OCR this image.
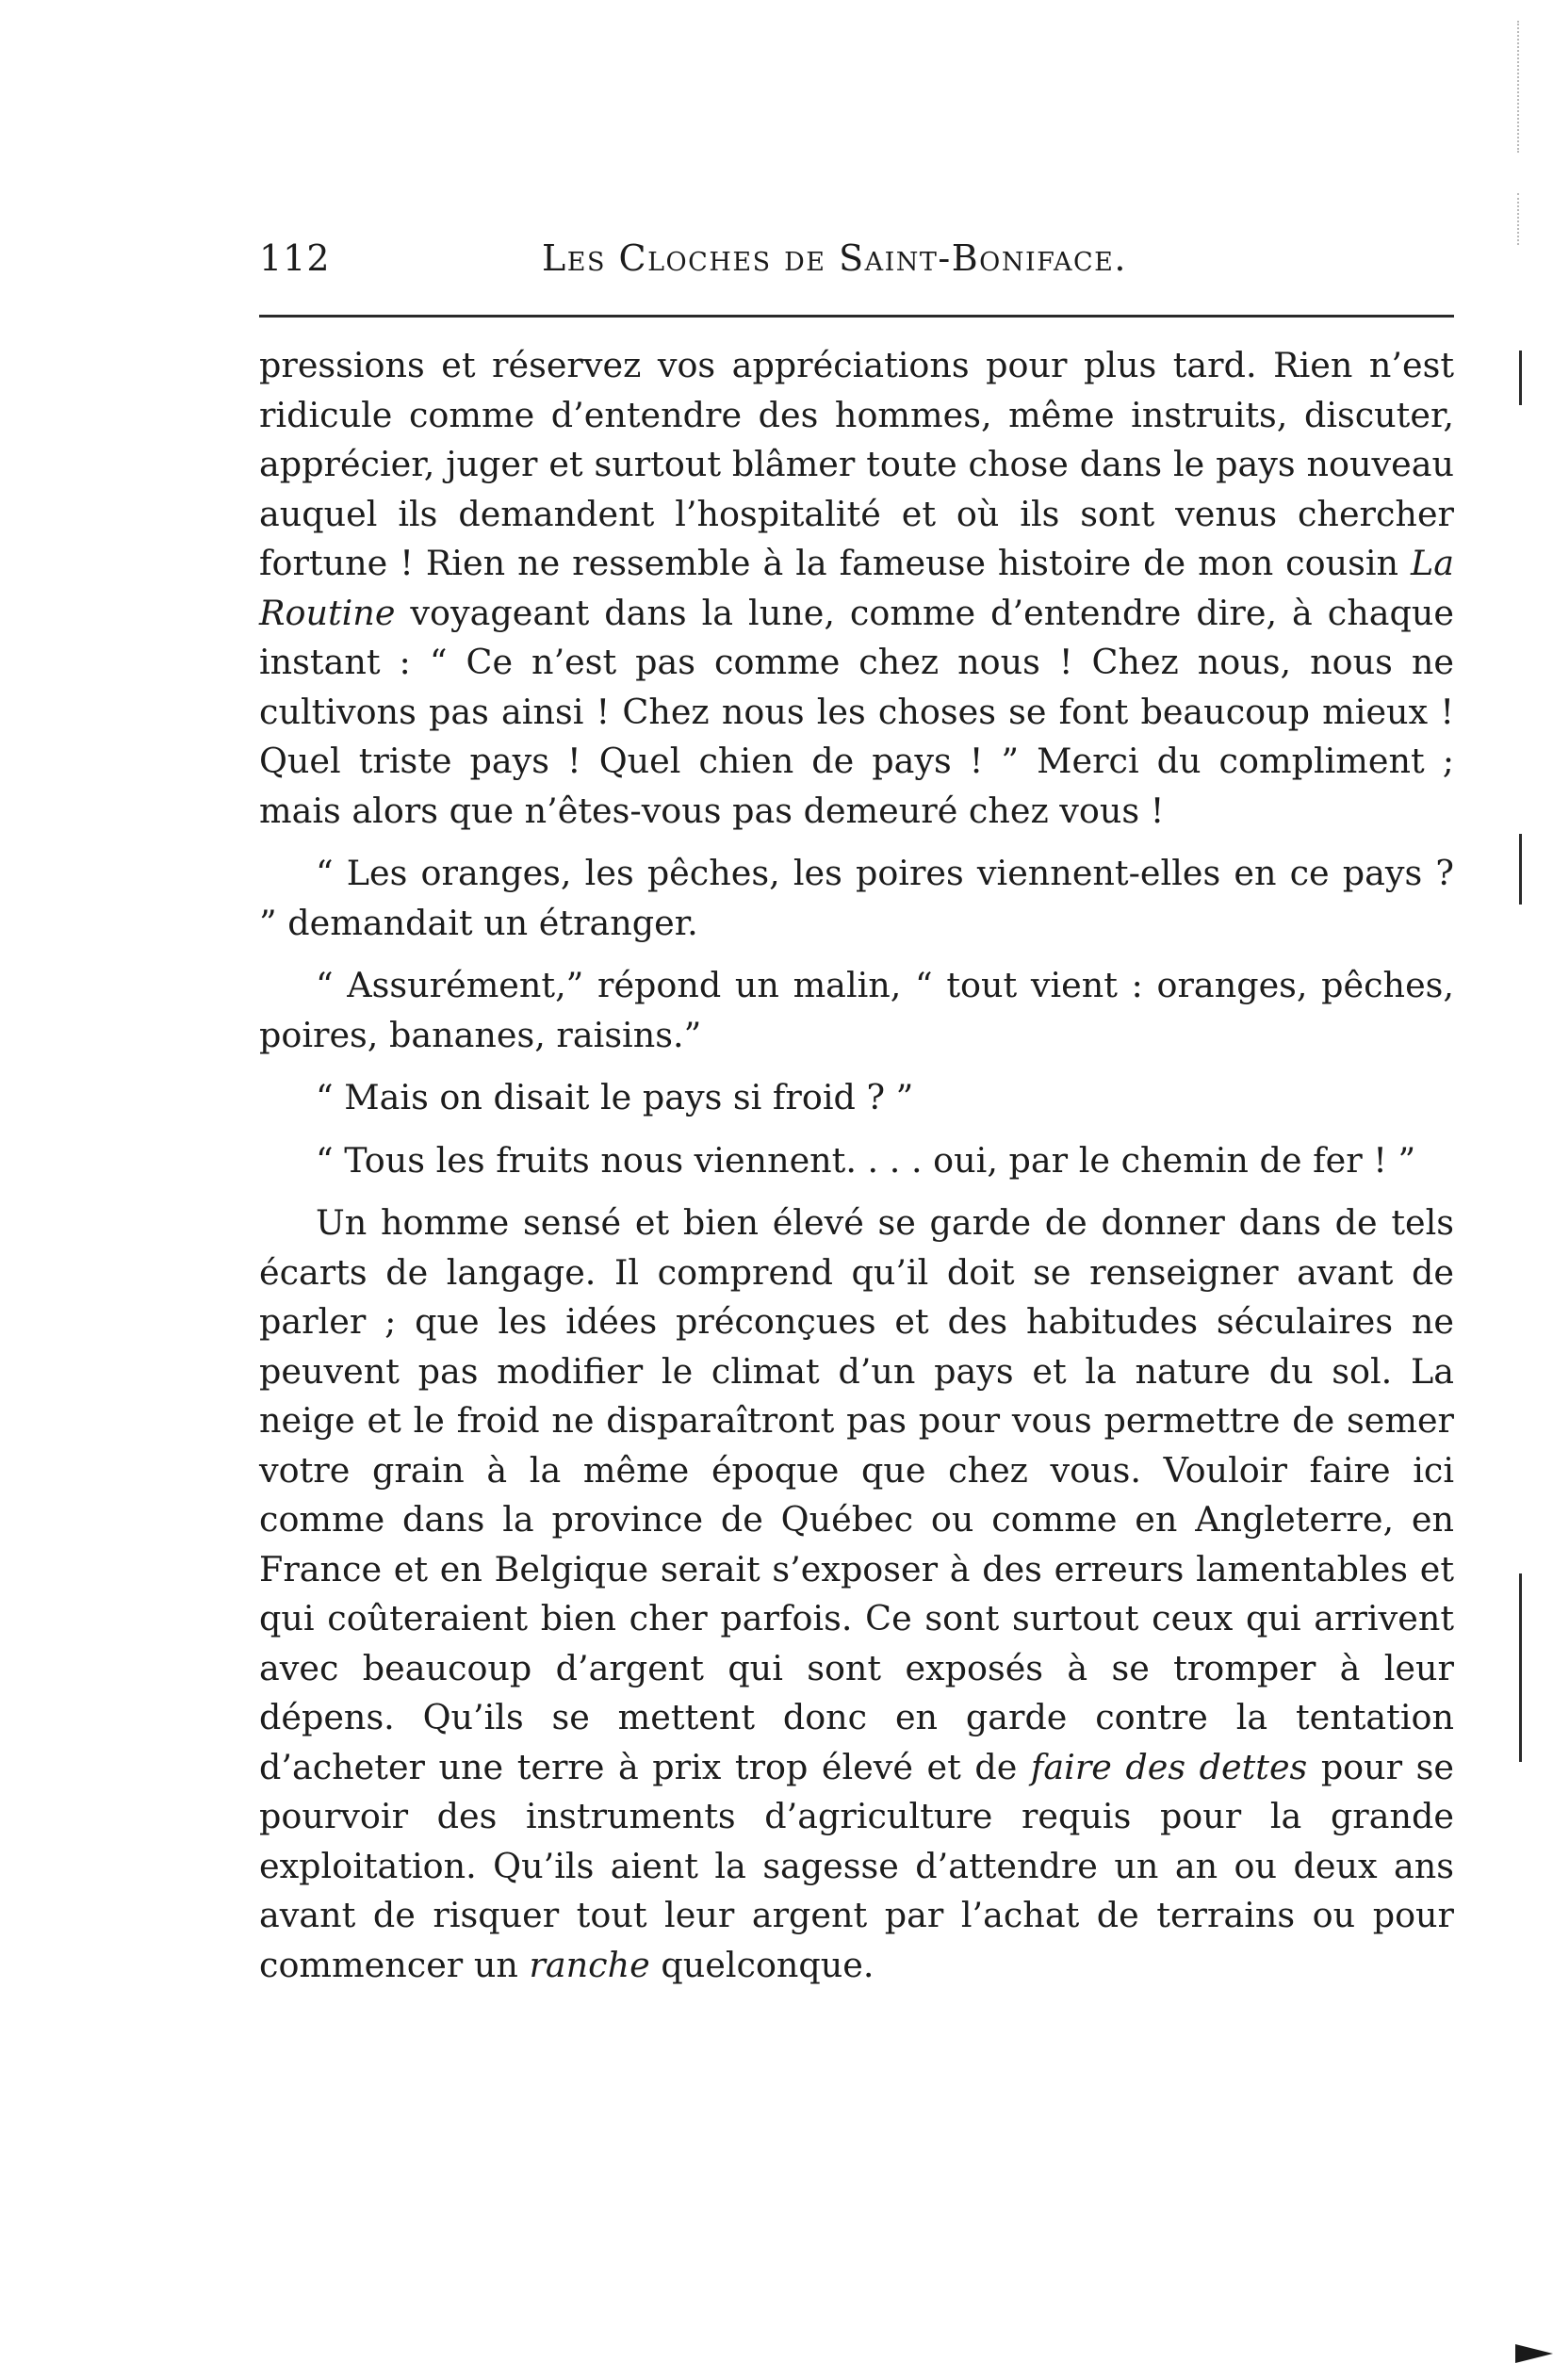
112	Les Cloches de Saint-Boniface.

pressions et réservez vos appréciations pour plus tard. Rien n’est ridicule comme d’entendre des hommes, même instruits, discuter, apprécier, juger et surtout blâmer toute chose dans le pays nouveau auquel ils demandent l’hospitalité et où ils sont venus chercher fortune ! Rien ne ressemble à la fameuse histoire de mon cousin La Routine voyageant dans la lune, comme d’entendre dire, à chaque instant : “ Ce n’est pas comme chez nous ! Chez nous, nous ne cultivons pas ainsi ! Chez nous les choses se font beaucoup mieux ! Quel triste pays ! Quel chien de pays ! ” Merci du compliment ; mais alors que n’êtes-vous pas demeuré chez vous !

“ Les oranges, les pêches, les poires viennent-elles en ce pays ? ” demandait un étranger.

“ Assurément,” répond un malin, “ tout vient : oranges, pêches, poires, bananes, raisins.”

“ Mais on disait le pays si froid ? ”

“ Tous les fruits nous viennent. . . . oui, par le chemin de fer ! ”

Un homme sensé et bien élevé se garde de donner dans de tels écarts de langage. Il comprend qu’il doit se renseigner avant de parler ; que les idées préconçues et des habitudes séculaires ne peuvent pas modifier le climat d’un pays et la nature du sol. La neige et le froid ne disparaîtront pas pour vous permettre de semer votre grain à la même époque que chez vous. Vouloir faire ici comme dans la province de Québec ou comme en Angleterre, en France et en Belgique serait s’exposer à des erreurs lamentables et qui coûteraient bien cher parfois. Ce sont surtout ceux qui arrivent avec beaucoup d’argent qui sont exposés à se tromper à leur dépens. Qu’ils se mettent donc en garde contre la tentation d’acheter une terre à prix trop élevé et de faire des dettes pour se pourvoir des instruments d’agriculture requis pour la grande exploitation. Qu’ils aient la sagesse d’attendre un an ou deux ans avant de risquer tout leur argent par l’achat de terrains ou pour commencer un ranche quelconque.
